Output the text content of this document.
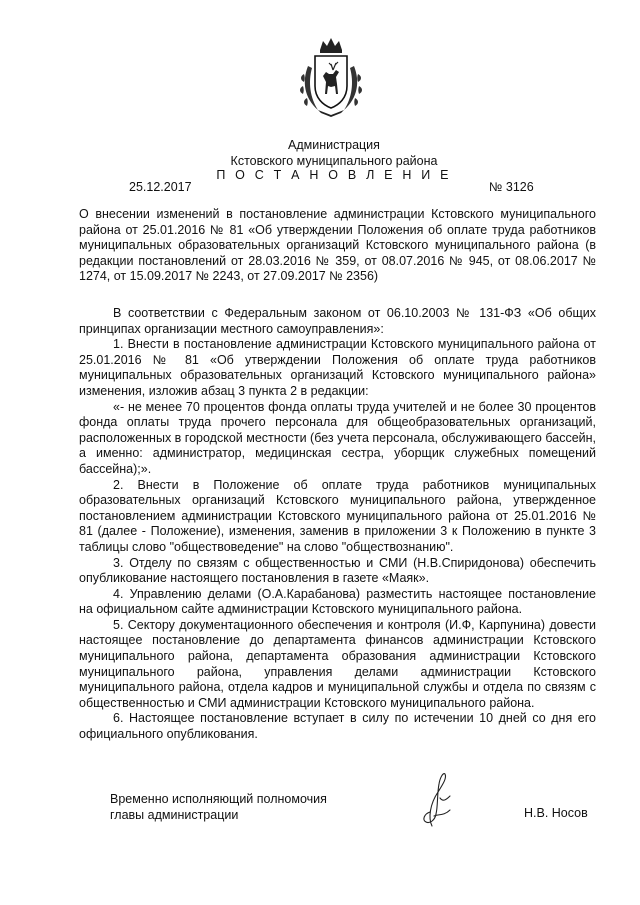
Администрация
Кстовского муниципального района
П О С Т А Н О В Л Е Н И Е
25.12.2017	№ 3126
О внесении изменений в постановление администрации Кстовского муниципального района от 25.01.2016 № 81 «Об утверждении Положения об оплате труда работников муниципальных образовательных организаций Кстовского муниципального района (в редакции постановлений от 28.03.2016 № 359, от 08.07.2016 № 945, от 08.06.2017 № 1274, от 15.09.2017 № 2243, от 27.09.2017 № 2356)

В соответствии с Федеральным законом от 06.10.2003 № 131-ФЗ «Об общих принципах организации местного самоуправления»:

1. Внести в постановление администрации Кстовского муниципального района от 25.01.2016 № 81 «Об утверждении Положения об оплате труда работников муниципальных образовательных организаций Кстовского муниципального района» изменения, изложив абзац 3 пункта 2 в редакции:

«- не менее 70 процентов фонда оплаты труда учителей и не более 30 процентов фонда оплаты труда прочего персонала для общеобразовательных организаций, расположенных в городской местности (без учета персонала, обслуживающего бассейн, а именно: администратор, медицинская сестра, уборщик служебных помещений бассейна);».

2. Внести в Положение об оплате труда работников муниципальных образовательных организаций Кстовского муниципального района, утвержденное постановлением администрации Кстовского муниципального района от 25.01.2016 № 81 (далее - Положение), изменения, заменив в приложении 3 к Положению в пункте 3 таблицы слово "обществоведение" на слово "обществознанию".

3. Отделу по связям с общественностью и СМИ (Н.В.Спиридонова) обеспечить опубликование настоящего постановления в газете «Маяк».

4. Управлению делами (О.А.Карабанова) разместить настоящее постановление на официальном сайте администрации Кстовского муниципального района.

5. Сектору документационного обеспечения и контроля (И.Ф, Карпунина) довести настоящее постановление до департамента финансов администрации Кстовского муниципального района, департамента образования администрации Кстовского муниципального района, управления делами администрации Кстовского муниципального района, отдела кадров и муниципальной службы и отдела по связям с общественностью и СМИ администрации Кстовского муниципального района.

6. Настоящее постановление вступает в силу по истечении 10 дней со дня его официального опубликования.

Временно исполняющий полномочия
главы администрации	Н.В. Носов
